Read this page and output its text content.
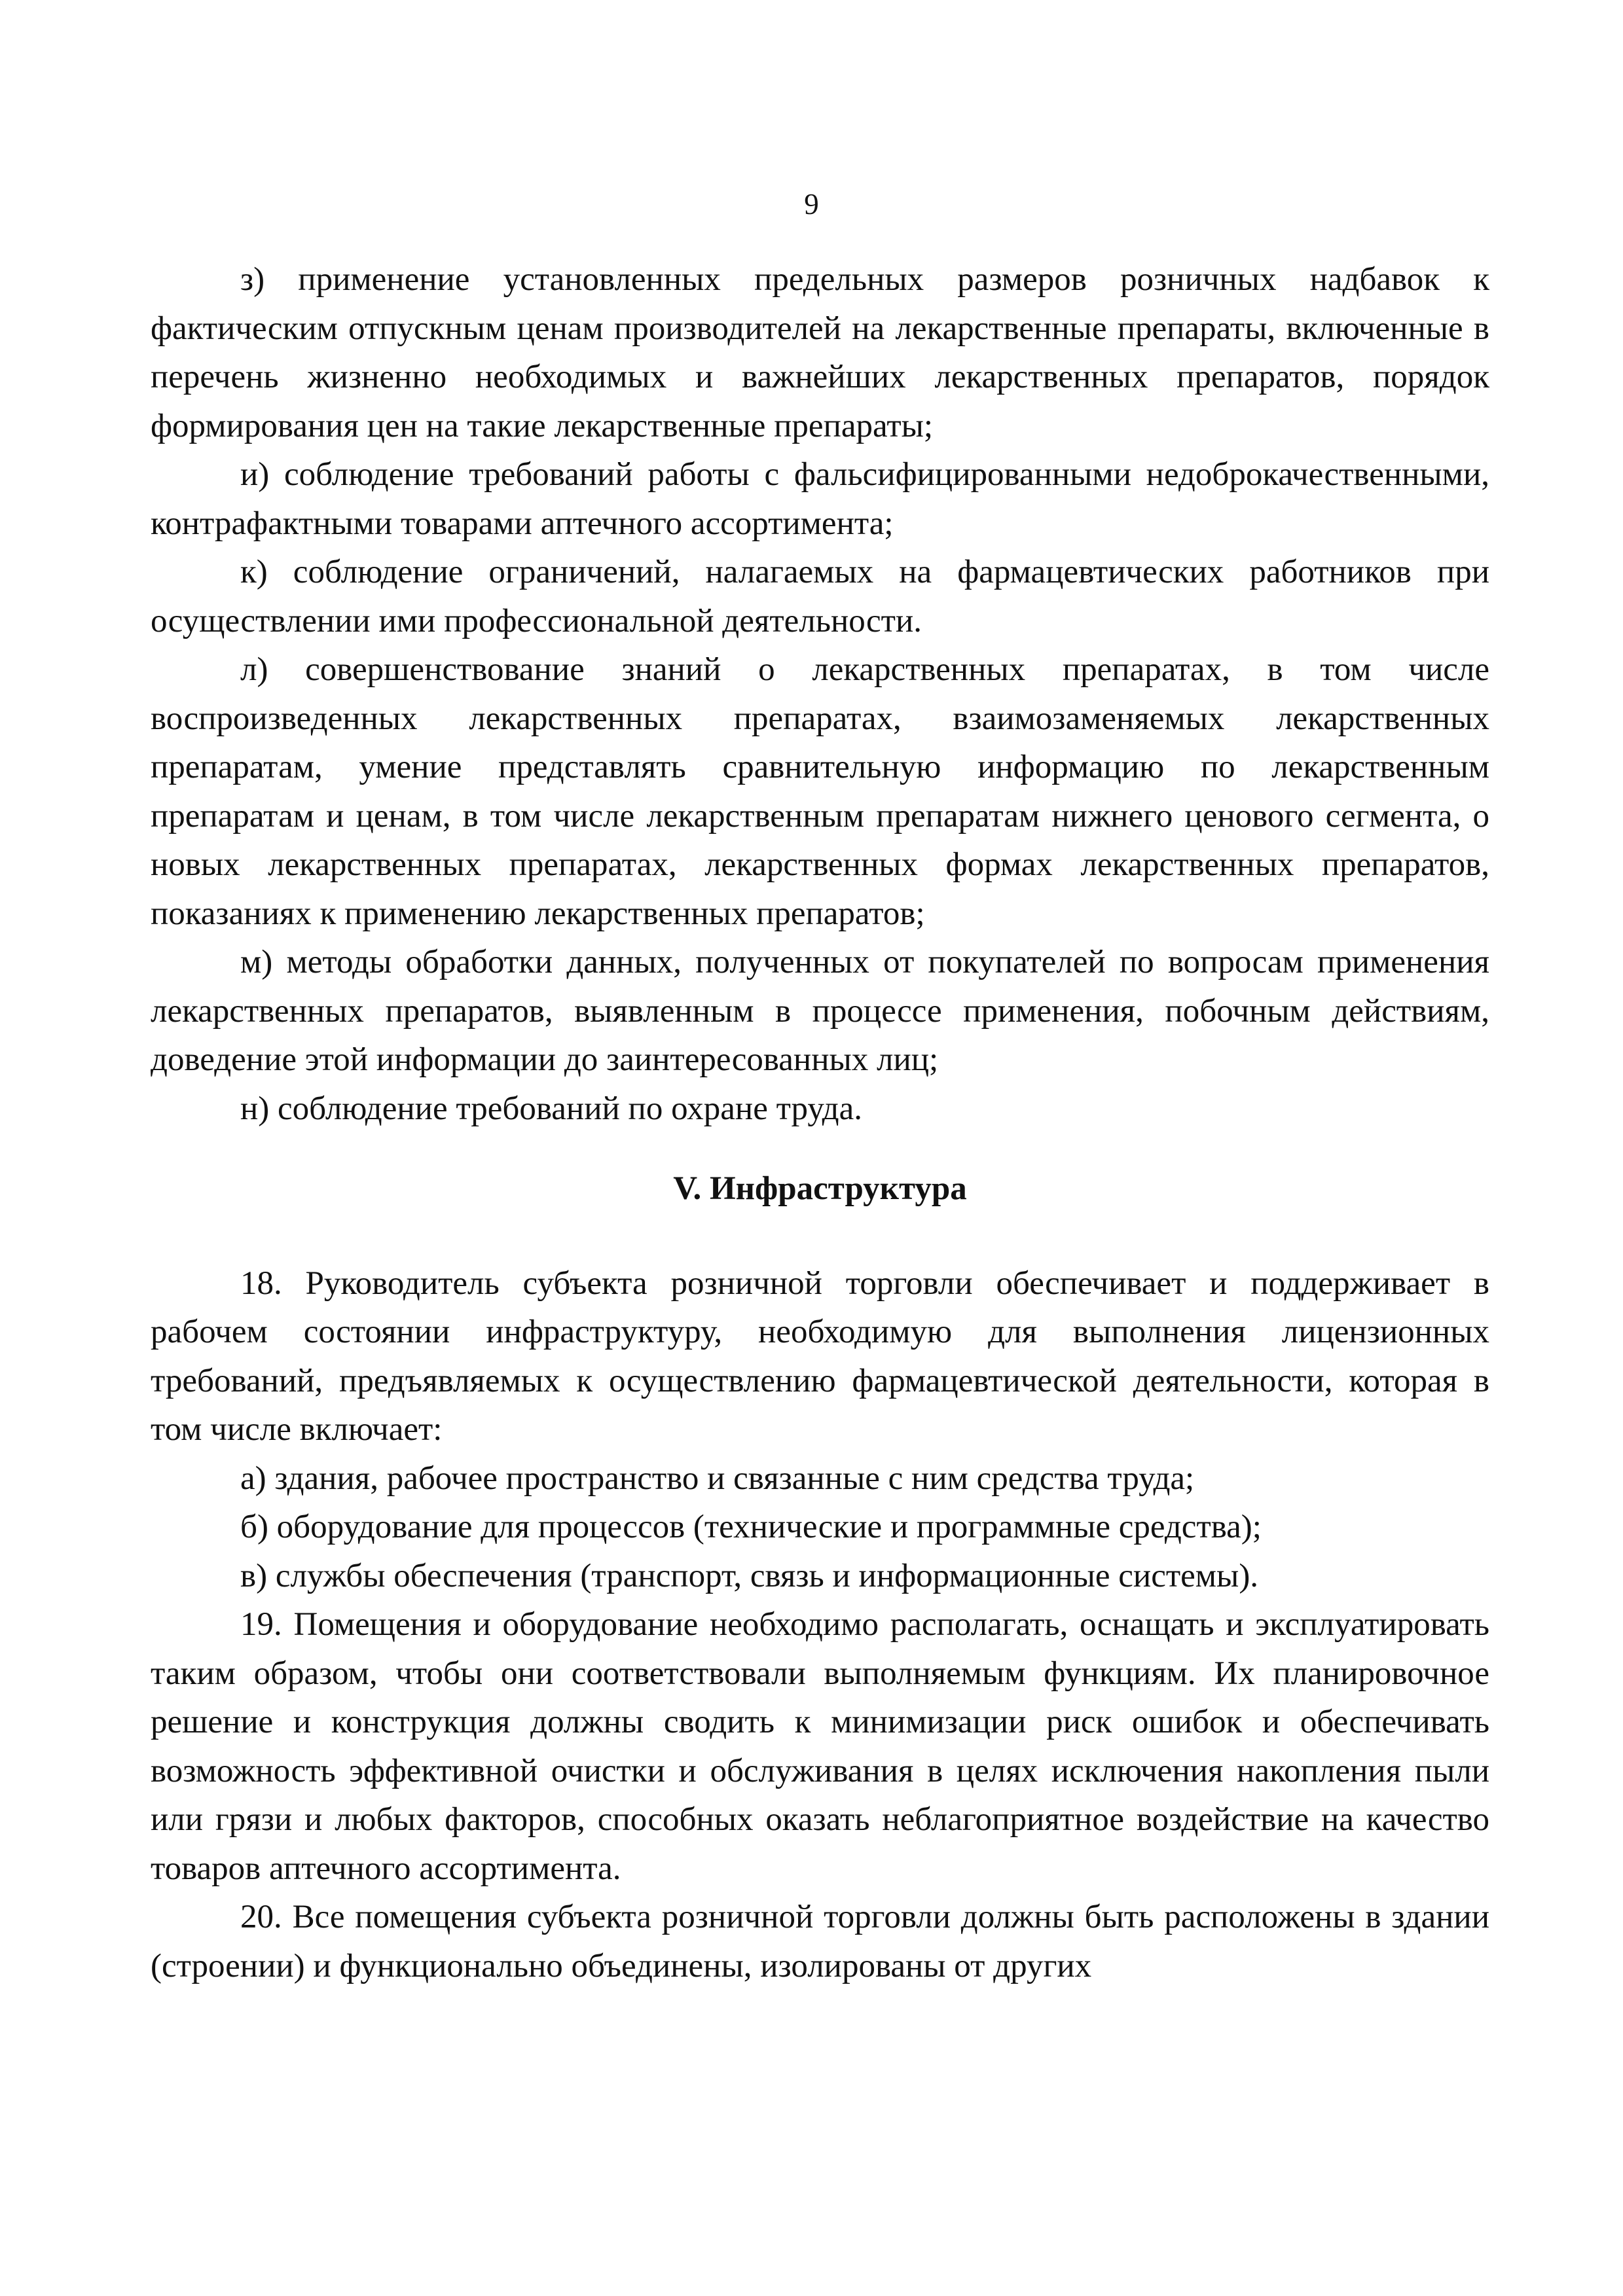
9

з) применение установленных предельных размеров розничных надбавок к фактическим отпускным ценам производителей на лекарственные препараты, включенные в перечень жизненно необходимых и важнейших лекарственных препаратов, порядок формирования цен на такие лекарственные препараты;

и) соблюдение требований работы с фальсифицированными недоброкачественными, контрафактными товарами аптечного ассортимента;

к) соблюдение ограничений, налагаемых на фармацевтических работников при осуществлении ими профессиональной деятельности.

л) совершенствование знаний о лекарственных препаратах, в том числе воспроизведенных лекарственных препаратах, взаимозаменяемых лекарственных препаратам, умение представлять сравнительную информацию по лекарственным препаратам и ценам, в том числе лекарственным препаратам нижнего ценового сегмента, о новых лекарственных препаратах, лекарственных формах лекарственных препаратов, показаниях к применению лекарственных препаратов;

м) методы обработки данных, полученных от покупателей по вопросам применения лекарственных препаратов, выявленным в процессе применения, побочным действиям, доведение этой информации до заинтересованных лиц;

н) соблюдение требований по охране труда.

V. Инфраструктура

18. Руководитель субъекта розничной торговли обеспечивает и поддерживает в рабочем состоянии инфраструктуру, необходимую для выполнения лицензионных требований, предъявляемых к осуществлению фармацевтической деятельности, которая в том числе включает:

а) здания, рабочее пространство и связанные с ним средства труда;

б) оборудование для процессов (технические и программные средства);

в) службы обеспечения (транспорт, связь и информационные системы).

19. Помещения и оборудование необходимо располагать, оснащать и эксплуатировать таким образом, чтобы они соответствовали выполняемым функциям. Их планировочное решение и конструкция должны сводить к минимизации риск ошибок и обеспечивать возможность эффективной очистки и обслуживания в целях исключения накопления пыли или грязи и любых факторов, способных оказать неблагоприятное воздействие на качество товаров аптечного ассортимента.

20. Все помещения субъекта розничной торговли должны быть расположены в здании (строении) и функционально объединены, изолированы от других
